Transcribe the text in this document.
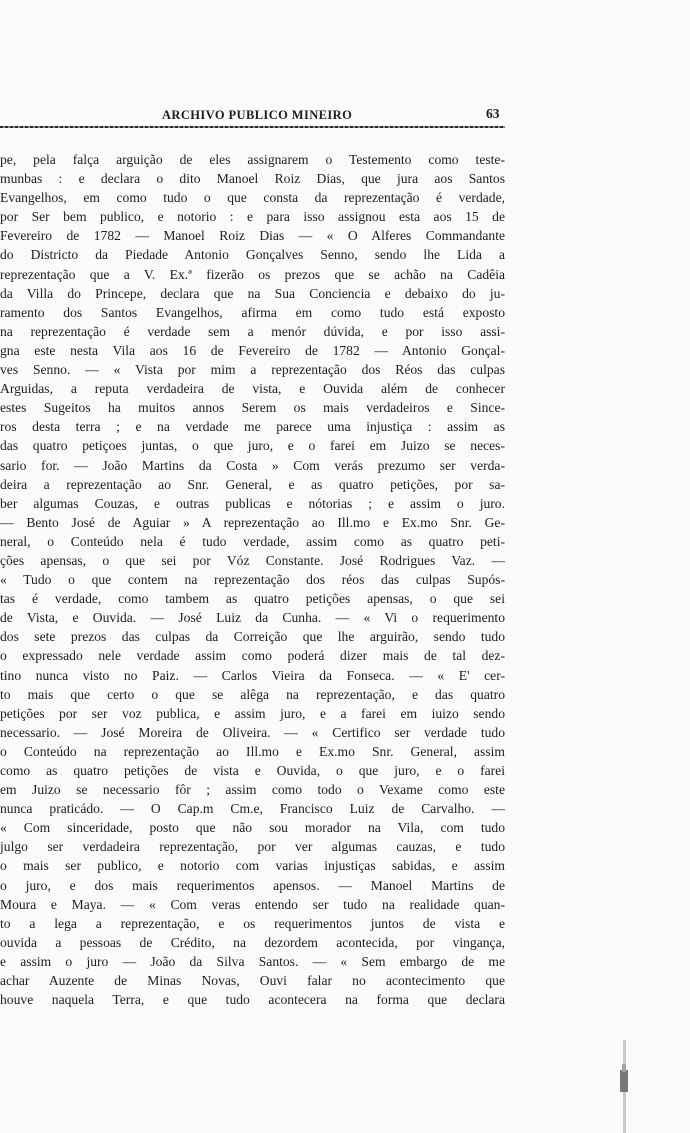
ARCHIVO PUBLICO MINEIRO	63
pe, pela falça arguição de eles assignarem o Testemento como teste-
munbas : e declara o dito Manoel Roiz Dias, que jura aos Santos
Evangelhos, em como tudo o que consta da reprezentação é verdade,
por Ser bem publico, e notorio : e para isso assignou esta aos 15 de
Fevereiro de 1782 — Manoel Roiz Dias — « O Alferes Commandante
do Districto da Piedade Antonio Gonçalves Senno, sendo lhe Lida a
reprezentação que a V. Ex.ª fizerão os prezos que se achão na Cadêia
da Villa do Princepe, declara que na Sua Conciencia e debaixo do ju-
ramento dos Santos Evangelhos, afirma em como tudo está exposto
na reprezentação é verdade sem a menór dúvida, e por isso assi-
gna este nesta Vila aos 16 de Fevereiro de 1782 — Antonio Gonçal-
ves Senno. — « Vista por mim a reprezentação dos Réos das culpas
Arguidas, a reputa verdadeira de vista, e Ouvida além de conhecer
estes Sugeitos ha muitos annos Serem os mais verdadeiros e Since-
ros desta terra ; e na verdade me parece uma injustiça : assim as
das quatro petiçoes juntas, o que juro, e o farei em Juizo se neces-
sario for. — João Martins da Costa » Com verás prezumo ser verda-
deira a reprezentação ao Snr. General, e as quatro petições, por sa-
ber algumas Couzas, e outras publicas e nótorias ; e assim o juro.
— Bento José de Aguiar » A reprezentação ao Ill.mo e Ex.mo Snr. Ge-
neral, o Conteúdo nela é tudo verdade, assim como as quatro peti-
ções apensas, o que sei por Vóz Constante. José Rodrigues Vaz. —
« Tudo o que contem na reprezentação dos réos das culpas Supós-
tas é verdade, como tambem as quatro petições apensas, o que sei
de Vista, e Ouvida. — José Luiz da Cunha. — « Vi o requerimento
dos sete prezos das culpas da Correição que lhe arguirão, sendo tudo
o expressado nele verdade assim como poderá dizer mais de tal dez-
tino nunca visto no Paiz. — Carlos Vieira da Fonseca. — « E' cer-
to mais que certo o que se alêga na reprezentação, e das quatro
petições por ser voz publica, e assim juro, e a farei em iuizo sendo
necessario. — José Moreira de Oliveira. — « Certifico ser verdade tudo
o Conteúdo na reprezentação ao Ill.mo e Ex.mo Snr. General, assim
como as quatro petições de vista e Ouvida, o que juro, e o farei
em Juizo se necessario fôr ; assim como todo o Vexame como este
nunca praticádo. — O Cap.m Cm.e, Francisco Luiz de Carvalho. —
« Com sinceridade, posto que não sou morador na Vila, com tudo
julgo ser verdadeira reprezentação, por ver algumas cauzas, e tudo
o mais ser publico, e notorio com varias injustiças sabidas, e assim
o juro, e dos mais requerimentos apensos. — Manoel Martins de
Moura e Maya. — « Com veras entendo ser tudo na realidade quan-
to a lega a reprezentação, e os requerimentos juntos de vista e
ouvida a pessoas de Crédito, na dezordem acontecida, por vingança,
e assim o juro — João da Silva Santos. — « Sem embargo de me
achar Auzente de Minas Novas, Ouvi falar no acontecimento que
houve naquela Terra, e que tudo acontecera na forma que declara
